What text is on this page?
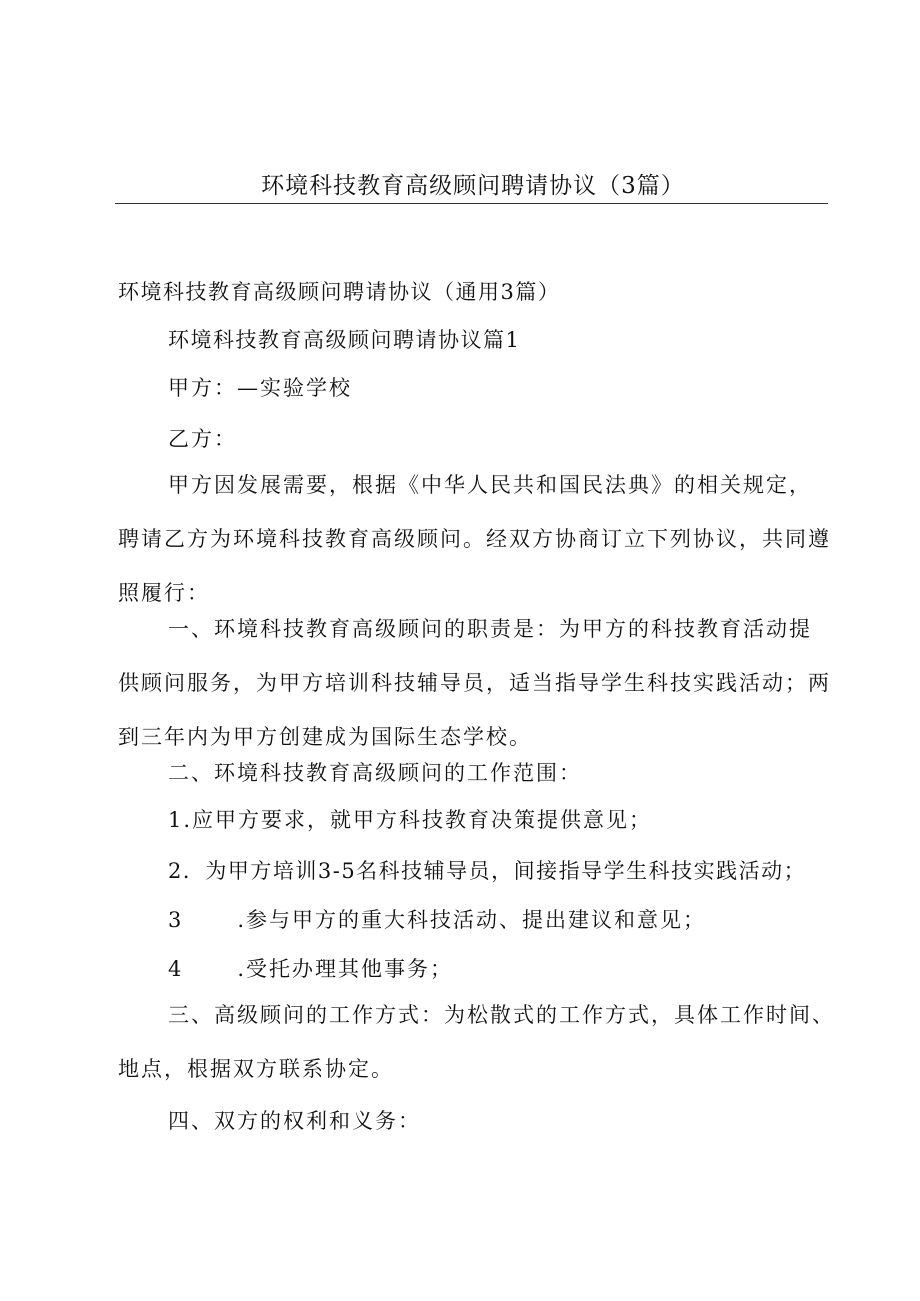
环境科技教育高级顾问聘请协议（3篇）

环境科技教育高级顾问聘请协议（通用3篇）

环境科技教育高级顾问聘请协议篇1

甲方：—实验学校

乙方：

甲方因发展需要，根据《中华人民共和国民法典》的相关规定，
聘请乙方为环境科技教育高级顾问。经双方协商订立下列协议，共同遵
照履行：
一、环境科技教育高级顾问的职责是：为甲方的科技教育活动提
供顾问服务，为甲方培训科技辅导员，适当指导学生科技实践活动；两
到三年内为甲方创建成为国际生态学校。

二、环境科技教育高级顾问的工作范围：

1.应甲方要求，就甲方科技教育决策提供意见；

2．为甲方培训3-5名科技辅导员，间接指导学生科技实践活动；

3	.参与甲方的重大科技活动、提出建议和意见；

4	.受托办理其他事务；

三、高级顾问的工作方式：为松散式的工作方式，具体工作时间、
地点，根据双方联系协定。

四、双方的权利和义务：
